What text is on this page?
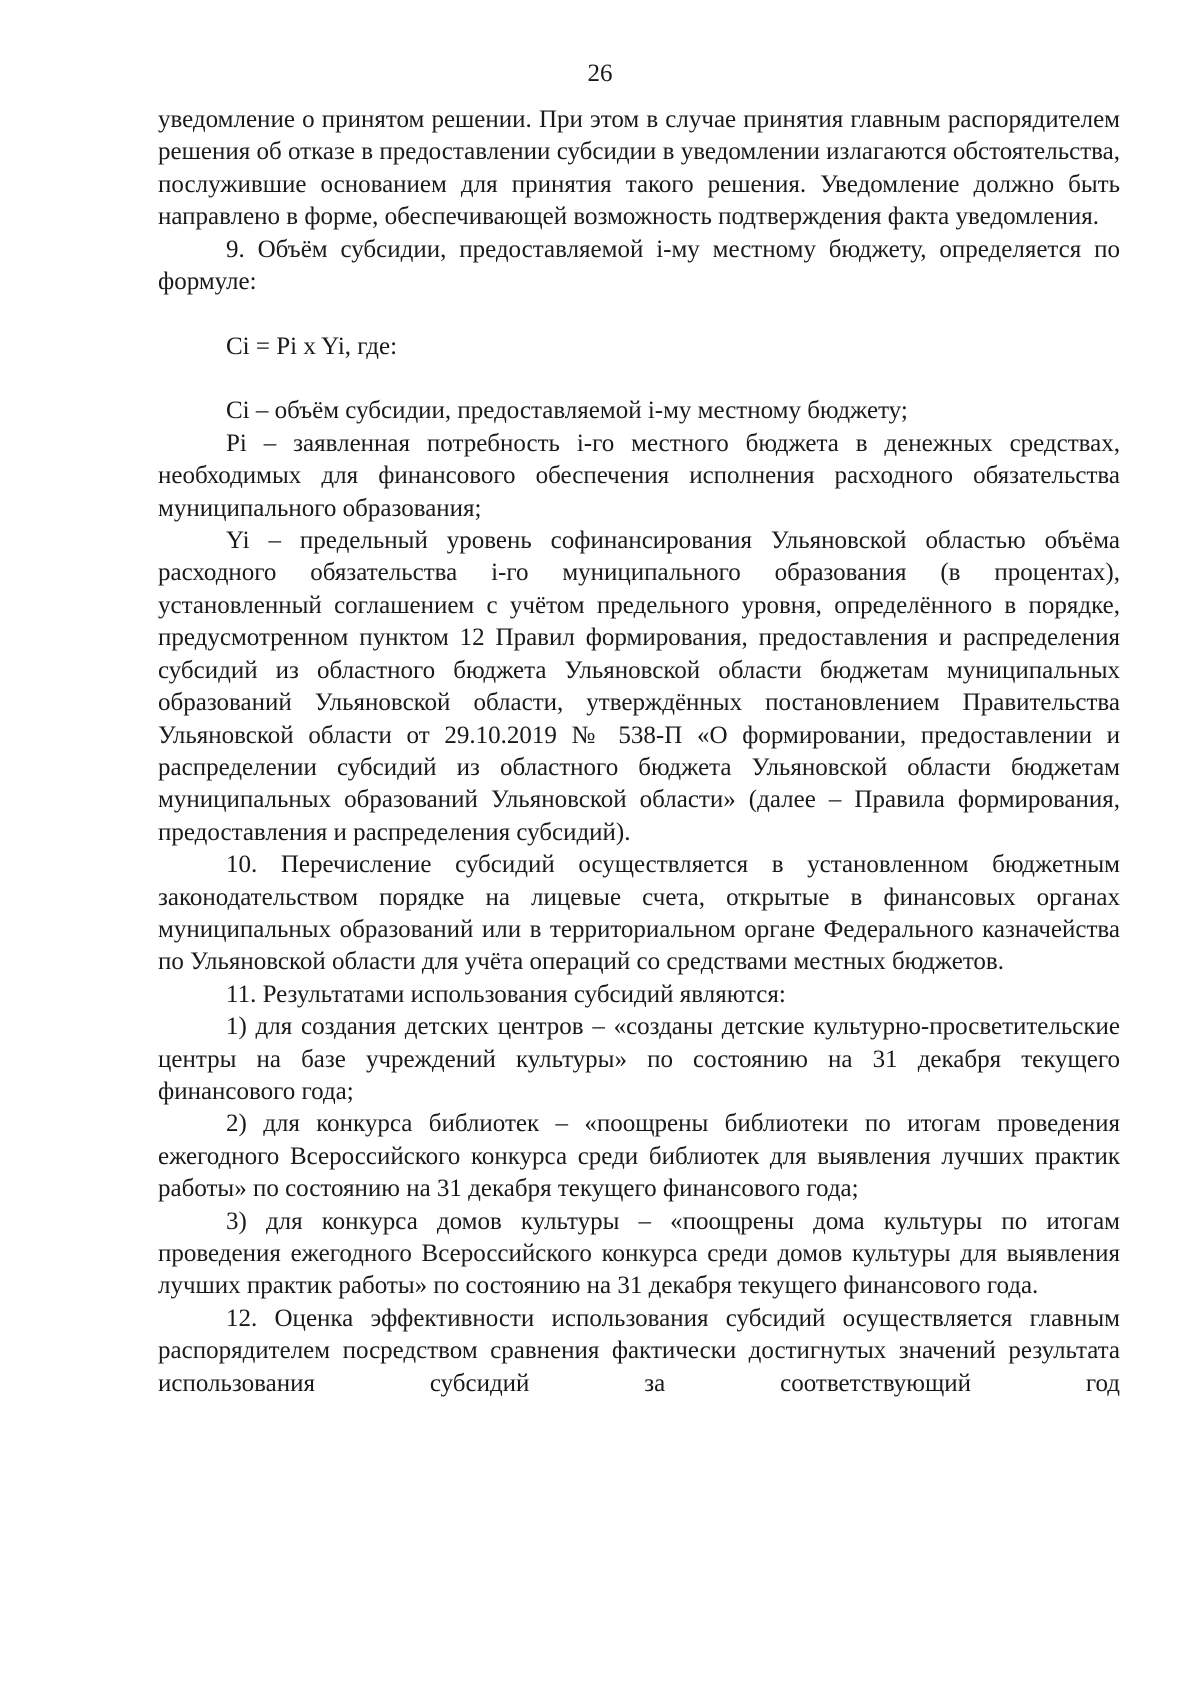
26

уведомление о принятом решении. При этом в случае принятия главным распорядителем решения об отказе в предоставлении субсидии в уведомлении излагаются обстоятельства, послужившие основанием для принятия такого решения. Уведомление должно быть направлено в форме, обеспечивающей возможность подтверждения факта уведомления.

9. Объём субсидии, предоставляемой i-му местному бюджету, определяется по формуле:

Ci = Pi x Yi, где:

Ci – объём субсидии, предоставляемой i-му местному бюджету;

Pi – заявленная потребность i-го местного бюджета в денежных средствах, необходимых для финансового обеспечения исполнения расходного обязательства муниципального образования;

Yi – предельный уровень софинансирования Ульяновской областью объёма расходного обязательства i-го муниципального образования (в процентах), установленный соглашением с учётом предельного уровня, определённого в порядке, предусмотренном пунктом 12 Правил формирования, предоставления и распределения субсидий из областного бюджета Ульяновской области бюджетам муниципальных образований Ульяновской области, утверждённых постановлением Правительства Ульяновской области от 29.10.2019 № 538-П «О формировании, предоставлении и распределении субсидий из областного бюджета Ульяновской области бюджетам муниципальных образований Ульяновской области» (далее – Правила формирования, предоставления и распределения субсидий).

10. Перечисление субсидий осуществляется в установленном бюджетным законодательством порядке на лицевые счета, открытые в финансовых органах муниципальных образований или в территориальном органе Федерального казначейства по Ульяновской области для учёта операций со средствами местных бюджетов.

11. Результатами использования субсидий являются:

1) для создания детских центров – «созданы детские культурно-просветительские центры на базе учреждений культуры» по состоянию на 31 декабря текущего финансового года;

2) для конкурса библиотек – «поощрены библиотеки по итогам проведения ежегодного Всероссийского конкурса среди библиотек для выявления лучших практик работы» по состоянию на 31 декабря текущего финансового года;

3) для конкурса домов культуры – «поощрены дома культуры по итогам проведения ежегодного Всероссийского конкурса среди домов культуры для выявления лучших практик работы» по состоянию на 31 декабря текущего финансового года.

12. Оценка эффективности использования субсидий осуществляется главным распорядителем посредством сравнения фактически достигнутых значений результата использования субсидий за соответствующий год
